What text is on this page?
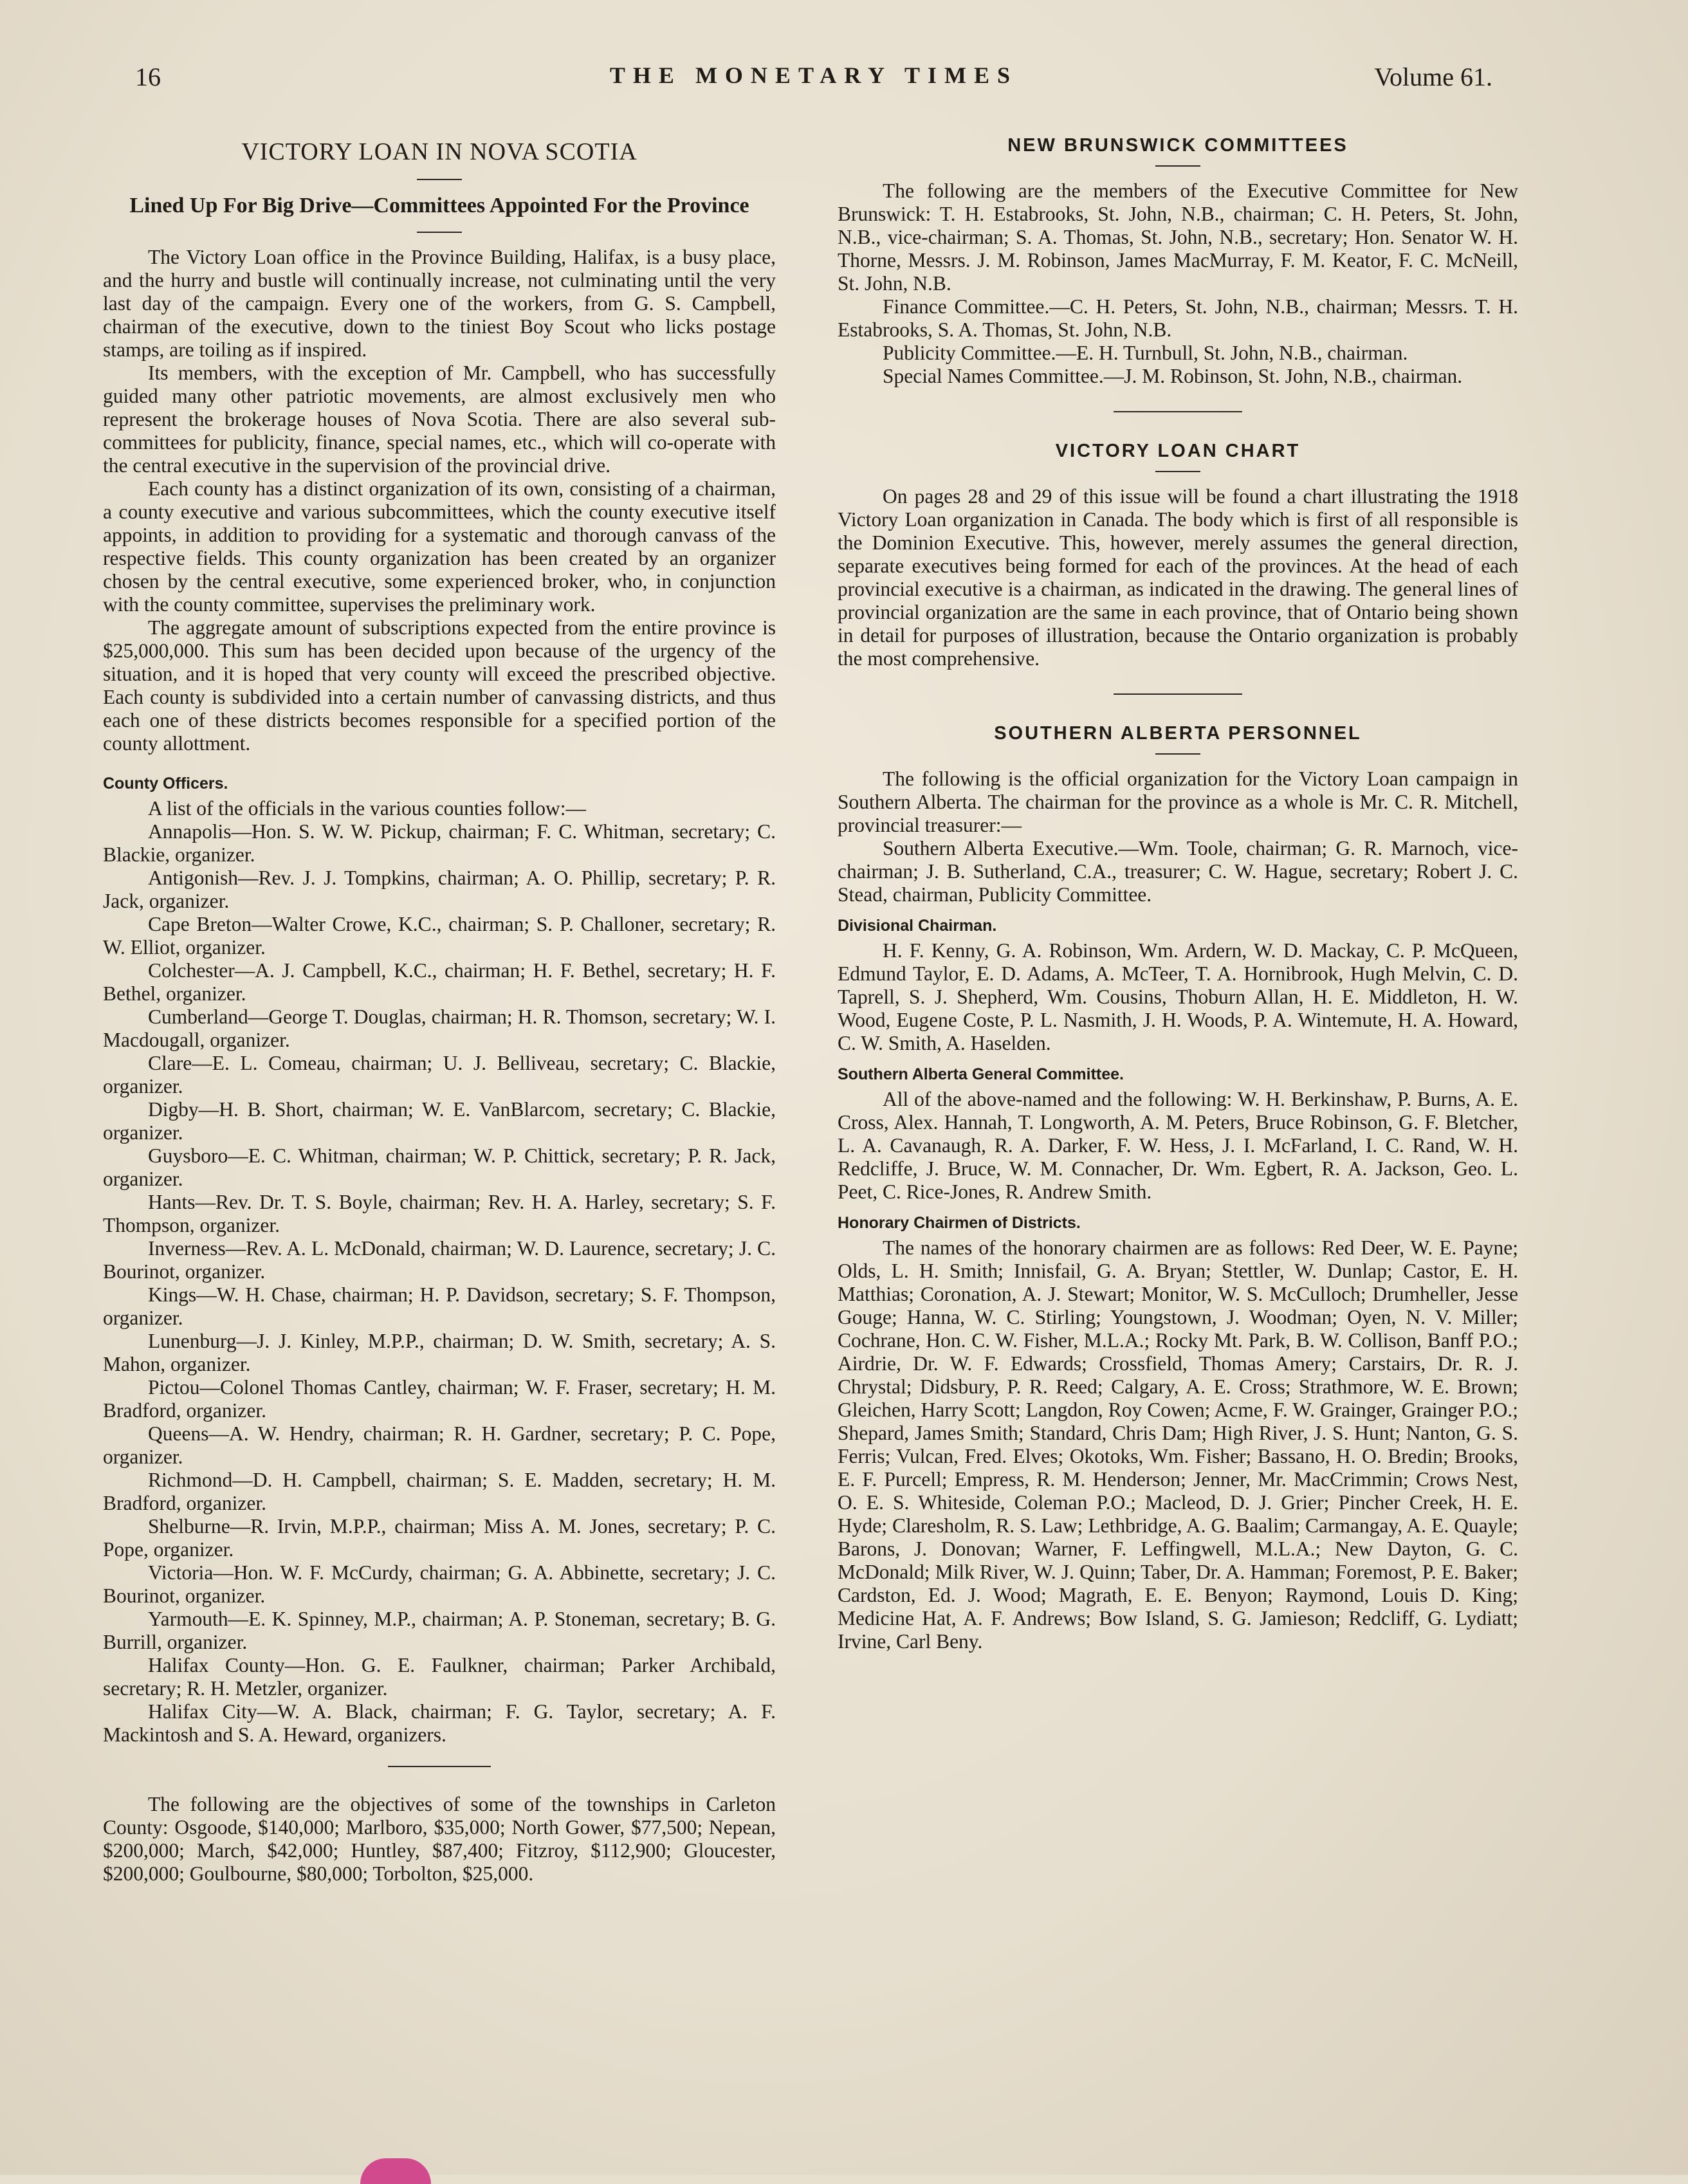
16	THE MONETARY TIMES	Volume 61.
VICTORY LOAN IN NOVA SCOTIA
Lined Up For Big Drive—Committees Appointed For the Province

The Victory Loan office in the Province Building, Halifax, is a busy place, and the hurry and bustle will continually increase, not culminating until the very last day of the campaign. Every one of the workers, from G. S. Campbell, chairman of the executive, down to the tiniest Boy Scout who licks postage stamps, are toiling as if inspired.

Its members, with the exception of Mr. Campbell, who has successfully guided many other patriotic movements, are almost exclusively men who represent the brokerage houses of Nova Scotia. There are also several sub-committees for publicity, finance, special names, etc., which will co-operate with the central executive in the supervision of the provincial drive.

Each county has a distinct organization of its own, consisting of a chairman, a county executive and various subcommittees, which the county executive itself appoints, in addition to providing for a systematic and thorough canvass of the respective fields. This county organization has been created by an organizer chosen by the central executive, some experienced broker, who, in conjunction with the county committee, supervises the preliminary work.

The aggregate amount of subscriptions expected from the entire province is $25,000,000. This sum has been decided upon because of the urgency of the situation, and it is hoped that very county will exceed the prescribed objective. Each county is subdivided into a certain number of canvassing districts, and thus each one of these districts becomes responsible for a specified portion of the county allottment.

County Officers.

A list of the officials in the various counties follow:—

Annapolis—Hon. S. W. W. Pickup, chairman; F. C. Whitman, secretary; C. Blackie, organizer.

Antigonish—Rev. J. J. Tompkins, chairman; A. O. Phillip, secretary; P. R. Jack, organizer.

Cape Breton—Walter Crowe, K.C., chairman; S. P. Challoner, secretary; R. W. Elliot, organizer.

Colchester—A. J. Campbell, K.C., chairman; H. F. Bethel, secretary; H. F. Bethel, organizer.

Cumberland—George T. Douglas, chairman; H. R. Thomson, secretary; W. I. Macdougall, organizer.

Clare—E. L. Comeau, chairman; U. J. Belliveau, secretary; C. Blackie, organizer.

Digby—H. B. Short, chairman; W. E. VanBlarcom, secretary; C. Blackie, organizer.

Guysboro—E. C. Whitman, chairman; W. P. Chittick, secretary; P. R. Jack, organizer.

Hants—Rev. Dr. T. S. Boyle, chairman; Rev. H. A. Harley, secretary; S. F. Thompson, organizer.

Inverness—Rev. A. L. McDonald, chairman; W. D. Laurence, secretary; J. C. Bourinot, organizer.

Kings—W. H. Chase, chairman; H. P. Davidson, secretary; S. F. Thompson, organizer.

Lunenburg—J. J. Kinley, M.P.P., chairman; D. W. Smith, secretary; A. S. Mahon, organizer.

Pictou—Colonel Thomas Cantley, chairman; W. F. Fraser, secretary; H. M. Bradford, organizer.

Queens—A. W. Hendry, chairman; R. H. Gardner, secretary; P. C. Pope, organizer.

Richmond—D. H. Campbell, chairman; S. E. Madden, secretary; H. M. Bradford, organizer.

Shelburne—R. Irvin, M.P.P., chairman; Miss A. M. Jones, secretary; P. C. Pope, organizer.

Victoria—Hon. W. F. McCurdy, chairman; G. A. Abbinette, secretary; J. C. Bourinot, organizer.

Yarmouth—E. K. Spinney, M.P., chairman; A. P. Stoneman, secretary; B. G. Burrill, organizer.

Halifax County—Hon. G. E. Faulkner, chairman; Parker Archibald, secretary; R. H. Metzler, organizer.

Halifax City—W. A. Black, chairman; F. G. Taylor, secretary; A. F. Mackintosh and S. A. Heward, organizers.

The following are the objectives of some of the townships in Carleton County: Osgoode, $140,000; Marlboro, $35,000; North Gower, $77,500; Nepean, $200,000; March, $42,000; Huntley, $87,400; Fitzroy, $112,900; Gloucester, $200,000; Goulbourne, $80,000; Torbolton, $25,000.

NEW BRUNSWICK COMMITTEES

The following are the members of the Executive Committee for New Brunswick: T. H. Estabrooks, St. John, N.B., chairman; C. H. Peters, St. John, N.B., vice-chairman; S. A. Thomas, St. John, N.B., secretary; Hon. Senator W. H. Thorne, Messrs. J. M. Robinson, James MacMurray, F. M. Keator, F. C. McNeill, St. John, N.B.

Finance Committee.—C. H. Peters, St. John, N.B., chairman; Messrs. T. H. Estabrooks, S. A. Thomas, St. John, N.B.

Publicity Committee.—E. H. Turnbull, St. John, N.B., chairman.

Special Names Committee.—J. M. Robinson, St. John, N.B., chairman.

VICTORY LOAN CHART

On pages 28 and 29 of this issue will be found a chart illustrating the 1918 Victory Loan organization in Canada. The body which is first of all responsible is the Dominion Executive. This, however, merely assumes the general direction, separate executives being formed for each of the provinces. At the head of each provincial executive is a chairman, as indicated in the drawing. The general lines of provincial organization are the same in each province, that of Ontario being shown in detail for purposes of illustration, because the Ontario organization is probably the most comprehensive.

SOUTHERN ALBERTA PERSONNEL

The following is the official organization for the Victory Loan campaign in Southern Alberta. The chairman for the province as a whole is Mr. C. R. Mitchell, provincial treasurer:—

Southern Alberta Executive.—Wm. Toole, chairman; G. R. Marnoch, vice-chairman; J. B. Sutherland, C.A., treasurer; C. W. Hague, secretary; Robert J. C. Stead, chairman, Publicity Committee.

Divisional Chairman.

H. F. Kenny, G. A. Robinson, Wm. Ardern, W. D. Mackay, C. P. McQueen, Edmund Taylor, E. D. Adams, A. McTeer, T. A. Hornibrook, Hugh Melvin, C. D. Taprell, S. J. Shepherd, Wm. Cousins, Thoburn Allan, H. E. Middleton, H. W. Wood, Eugene Coste, P. L. Nasmith, J. H. Woods, P. A. Wintemute, H. A. Howard, C. W. Smith, A. Haselden.

Southern Alberta General Committee.

All of the above-named and the following: W. H. Berkinshaw, P. Burns, A. E. Cross, Alex. Hannah, T. Longworth, A. M. Peters, Bruce Robinson, G. F. Bletcher, L. A. Cavanaugh, R. A. Darker, F. W. Hess, J. I. McFarland, I. C. Rand, W. H. Redcliffe, J. Bruce, W. M. Connacher, Dr. Wm. Egbert, R. A. Jackson, Geo. L. Peet, C. Rice-Jones, R. Andrew Smith.

Honorary Chairmen of Districts.

The names of the honorary chairmen are as follows: Red Deer, W. E. Payne; Olds, L. H. Smith; Innisfail, G. A. Bryan; Stettler, W. Dunlap; Castor, E. H. Matthias; Coronation, A. J. Stewart; Monitor, W. S. McCulloch; Drumheller, Jesse Gouge; Hanna, W. C. Stirling; Youngstown, J. Woodman; Oyen, N. V. Miller; Cochrane, Hon. C. W. Fisher, M.L.A.; Rocky Mt. Park, B. W. Collison, Banff P.O.; Airdrie, Dr. W. F. Edwards; Crossfield, Thomas Amery; Carstairs, Dr. R. J. Chrystal; Didsbury, P. R. Reed; Calgary, A. E. Cross; Strathmore, W. E. Brown; Gleichen, Harry Scott; Langdon, Roy Cowen; Acme, F. W. Grainger, Grainger P.O.; Shepard, James Smith; Standard, Chris Dam; High River, J. S. Hunt; Nanton, G. S. Ferris; Vulcan, Fred. Elves; Okotoks, Wm. Fisher; Bassano, H. O. Bredin; Brooks, E. F. Purcell; Empress, R. M. Henderson; Jenner, Mr. MacCrimmin; Crows Nest, O. E. S. Whiteside, Coleman P.O.; Macleod, D. J. Grier; Pincher Creek, H. E. Hyde; Claresholm, R. S. Law; Lethbridge, A. G. Baalim; Carmangay, A. E. Quayle; Barons, J. Donovan; Warner, F. Leffingwell, M.L.A.; New Dayton, G. C. McDonald; Milk River, W. J. Quinn; Taber, Dr. A. Hamman; Foremost, P. E. Baker; Cardston, Ed. J. Wood; Magrath, E. E. Benyon; Raymond, Louis D. King; Medicine Hat, A. F. Andrews; Bow Island, S. G. Jamieson; Redcliff, G. Lydiatt; Irvine, Carl Beny.
